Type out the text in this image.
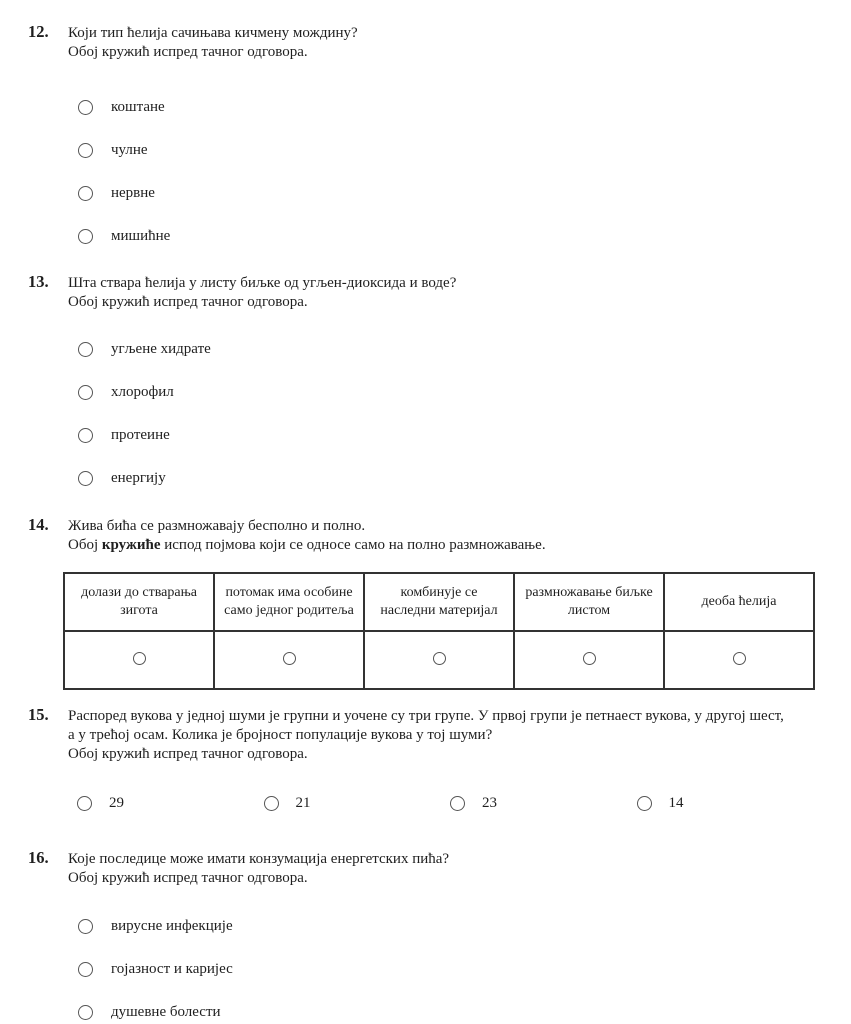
12.	Који тип ћелија сачињава кичмену мождину?
Обој кружић испред тачног одговора.
коштане
чулне
нервне
мишићне
13.	Шта ствара ћелија у листу биљке од угљен-диоксида и воде?
Обој кружић испред тачног одговора.
угљене хидрате
хлорофил
протеине
енергију
14.	Жива бића се размножавају бесполно и полно.
Обој кружиће испод појмова који се односе само на полно размножавање.
долази до стварања зигота	потомак има особине само једног родитеља	комбинује се наследни материјал	размножавање биљке листом	деоба ћелија

15.	Распоред вукова у једној шуми је групни и уочене су три групе. У првој групи је петнаест вукова, у другој шест,
а у трећој осам. Колика је бројност популације вукова у тој шуми?
Обој кружић испред тачног одговора.
29	21	23	14
16.	Које последице може имати конзумација енергетских пића?
Обој кружић испред тачног одговора.
вирусне инфекције
гојазност и каријес
душевне болести
